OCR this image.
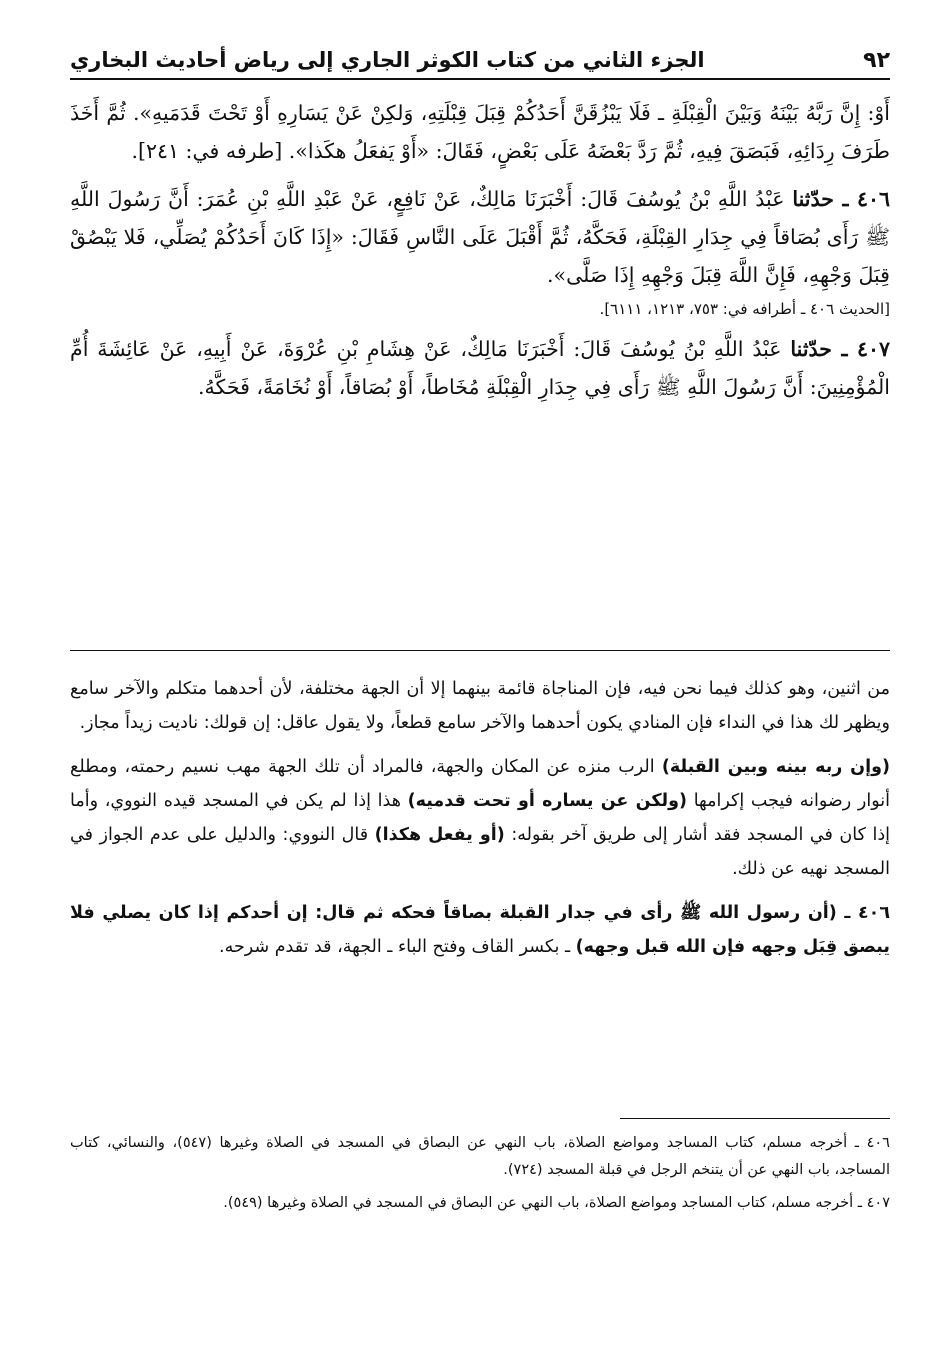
٩٢
الجزء الثاني من كتاب الكوثر الجاري إلى رياض أحاديث البخاري

أَوْ: إِنَّ رَبَّهُ بَيْنَهُ وَبَيْنَ الْقِبْلَةِ ـ فَلَا يَبْزُقَنَّ أَحَدُكُمْ قِبَلَ قِبْلَتِهِ، وَلكِنْ عَنْ يَسَارِهِ أَوْ تَحْتَ قَدَمَيهِ». ثُمَّ أَخَذَ طَرَفَ رِدَائِهِ، فَبَصَقَ فِيهِ، ثُمَّ رَدَّ بَعْضَهُ عَلَى بَعْضٍ، فَقَالَ: «أَوْ يَفعَلُ هكَذا». [طرفه في: ٢٤١].

٤٠٦ ـ حدّثنا عَبْدُ اللَّهِ بْنُ يُوسُفَ قَالَ: أَخْبَرَنَا مَالِكٌ، عَنْ نَافِعٍ، عَنْ عَبْدِ اللَّهِ بْنِ عُمَرَ: أَنَّ رَسُولَ اللَّهِ ﷺ رَأَى بُصَاقاً فِي جِدَارِ القِبْلَةِ، فَحَكَّهُ، ثُمَّ أَقْبَلَ عَلَى النَّاسِ فَقَالَ: «إِذَا كَانَ أَحَدُكُمْ يُصَلِّي، فَلا يَبْصُقْ قِبَلَ وَجْهِهِ، فَإِنَّ اللَّهَ قِبَلَ وَجْهِهِ إِذَا صَلَّى».

[الحديث ٤٠٦ ـ أطرافه في: ٧٥٣، ١٢١٣، ٦١١١].

٤٠٧ ـ حدّثنا عَبْدُ اللَّهِ بْنُ يُوسُفَ قَالَ: أَخْبَرَنَا مَالِكٌ، عَنْ هِشَامِ بْنِ عُرْوَةَ، عَنْ أَبِيهِ، عَنْ عَائِشَةَ أُمِّ الْمُؤْمِنِينَ: أَنَّ رَسُولَ اللَّهِ ﷺ رَأَى فِي جِدَارِ الْقِبْلَةِ مُخَاطاً، أَوْ بُصَاقاً، أَوْ نُخَامَةً، فَحَكَّهُ.

من اثنين، وهو كذلك فيما نحن فيه، فإن المناجاة قائمة بينهما إلا أن الجهة مختلفة، لأن أحدهما متكلم والآخر سامع ويظهر لك هذا في النداء فإن المنادي يكون أحدهما والآخر سامع قطعاً، ولا يقول عاقل: إن قولك: ناديت زيداً مجاز.

(وإن ربه بينه وبين القبلة) الرب منزه عن المكان والجهة، فالمراد أن تلك الجهة مهب نسيم رحمته، ومطلع أنوار رضوانه فيجب إكرامها (ولكن عن يساره أو تحت قدميه) هذا إذا لم يكن في المسجد قيده النووي، وأما إذا كان في المسجد فقد أشار إلى طريق آخر بقوله: (أو يفعل هكذا) قال النووي: والدليل على عدم الجواز في المسجد نهيه عن ذلك.

٤٠٦ ـ (أن رسول الله ﷺ رأى في جدار القبلة بصاقاً فحكه ثم قال: إن أحدكم إذا كان يصلي فلا يبصق قِبَل وجهه فإن الله قبل وجهه) ـ بكسر القاف وفتح الباء ـ الجهة، قد تقدم شرحه.

٤٠٦ ـ أخرجه مسلم، كتاب المساجد ومواضع الصلاة، باب النهي عن البصاق في المسجد في الصلاة وغيرها (٥٤٧)، والنسائي، كتاب المساجد، باب النهي عن أن يتنخم الرجل في قبلة المسجد (٧٢٤).

٤٠٧ ـ أخرجه مسلم، كتاب المساجد ومواضع الصلاة، باب النهي عن البصاق في المسجد في الصلاة وغيرها (٥٤٩).
